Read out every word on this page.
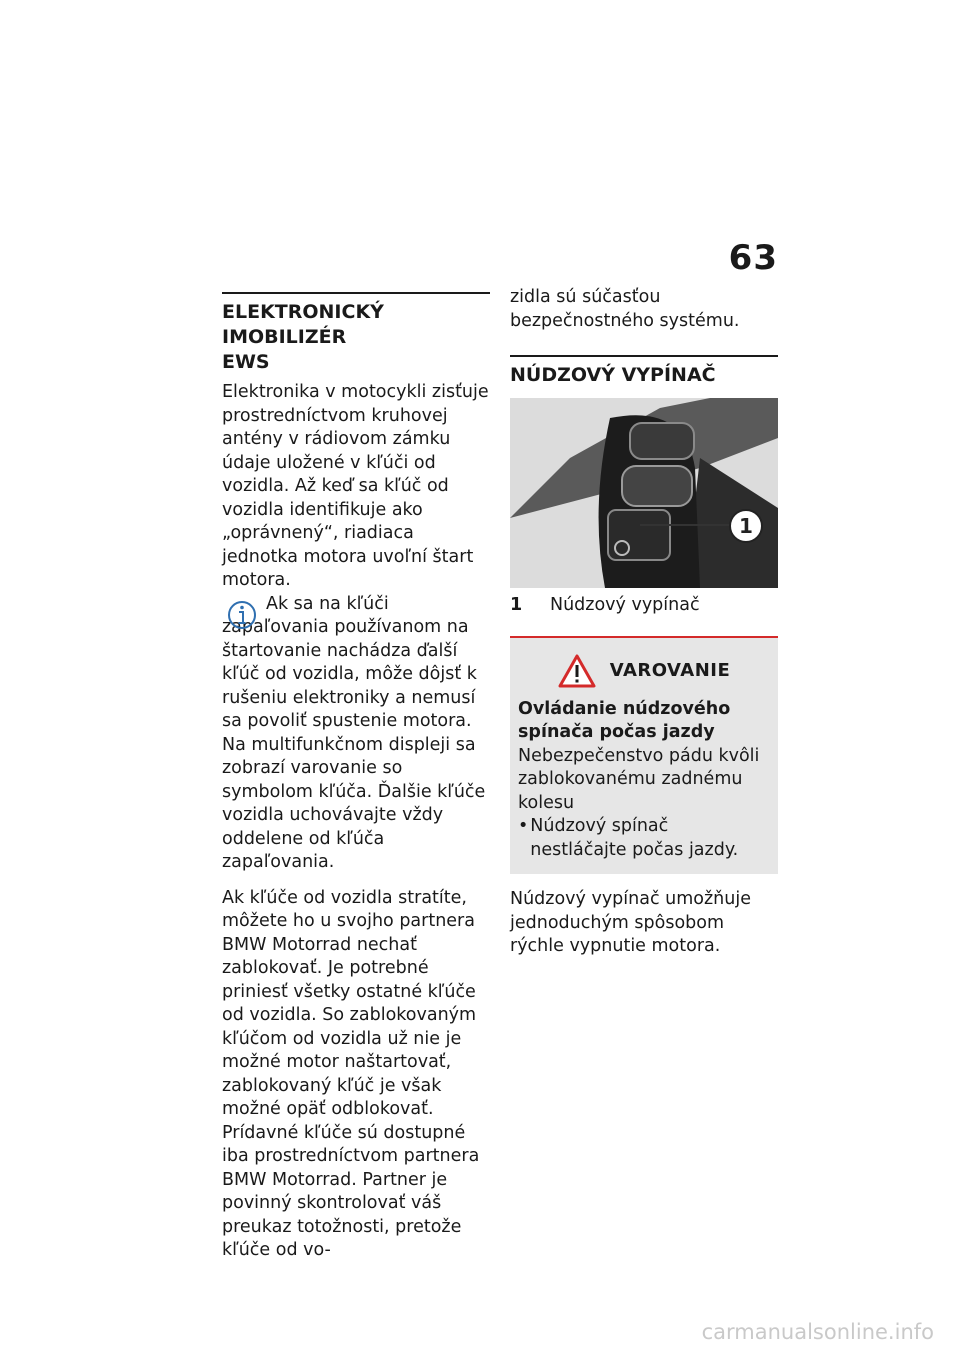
63
ELEKTRONICKÝ IMOBILIZÉR
EWS

Elektronika v motocykli zisťuje prostredníctvom kruhovej antény v rádiovom zámku údaje uložené v kľúči od vozidla. Až keď sa kľúč od vozidla identifikuje ako „oprávnený“, riadiaca jednotka motora uvoľní štart motora.

Ak sa na kľúči zapaľovania používanom na štartovanie nachádza ďalší kľúč od vozidla, môže dôjsť k rušeniu elektroniky a nemusí sa povoliť spustenie motora. Na multifunkčnom displeji sa zobrazí varovanie so symbolom kľúča. Ďalšie kľúče vozidla uchovávajte vždy oddelene od kľúča zapaľovania.

Ak kľúče od vozidla stratíte, môžete ho u svojho partnera BMW Motorrad nechať zablokovať. Je potrebné priniesť všetky ostatné kľúče od vozidla. So zablokovaným kľúčom od vozidla už nie je možné motor naštartovať, zablokovaný kľúč je však možné opäť odblokovať. Prídavné kľúče sú dostupné iba prostredníctvom partnera BMW Motorrad. Partner je povinný skontrolovať váš preukaz totožnosti, pretože kľúče od vo-

zidla sú súčasťou bezpečnostného systému.

NÚDZOVÝ VYPÍNAČ
1
1	Núdzový vypínač
VAROVANIE
Ovládanie núdzového spínača počas jazdy
Nebezpečenstvo pádu kvôli zablokovanému zadnému kolesu
• Núdzový spínač nestláčajte počas jazdy.

Núdzový vypínač umožňuje jednoduchým spôsobom rýchle vypnutie motora.

carmanualsonline.info
